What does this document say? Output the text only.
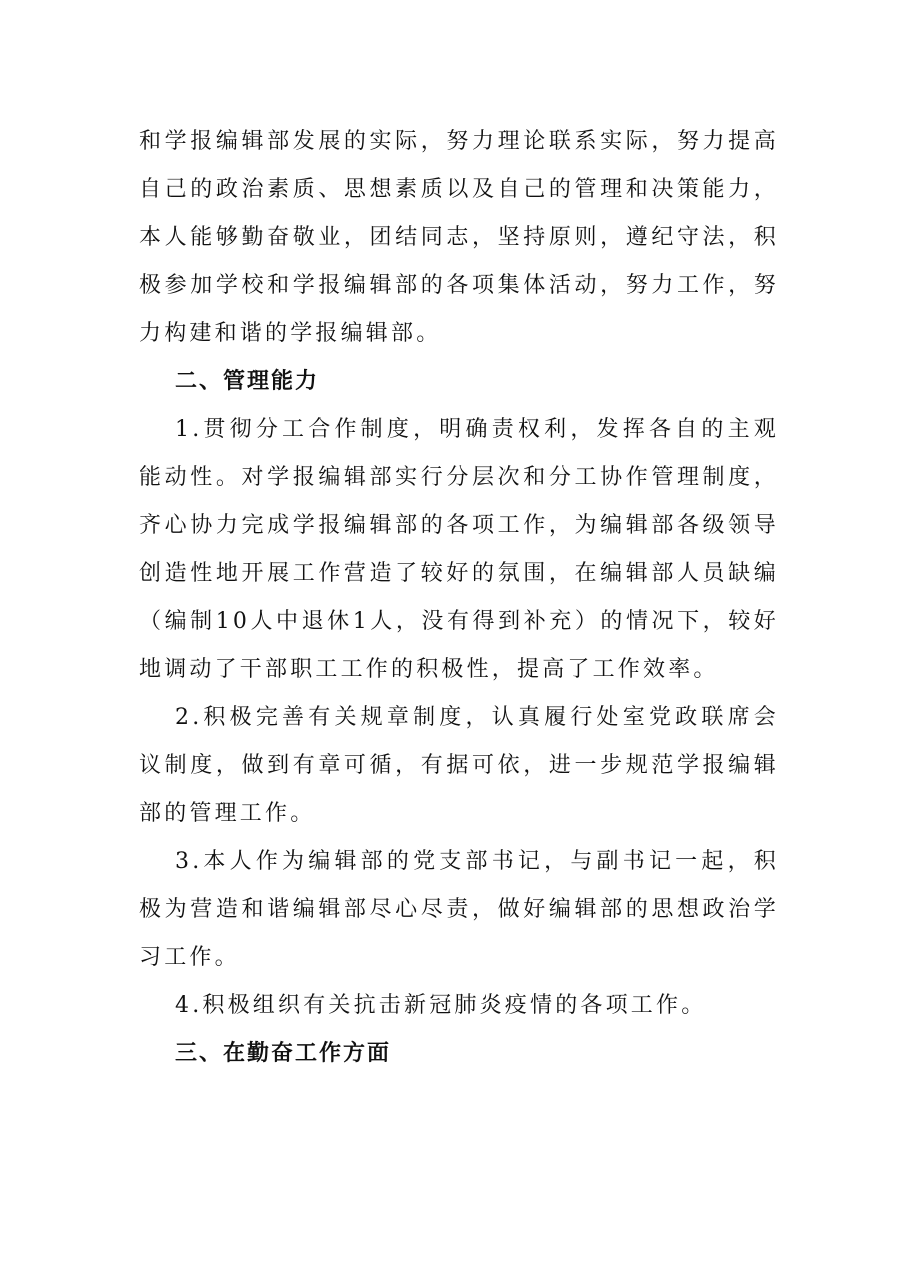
和学报编辑部发展的实际，努力理论联系实际，努力提高自己的政治素质、思想素质以及自己的管理和决策能力，本人能够勤奋敬业，团结同志，坚持原则，遵纪守法，积极参加学校和学报编辑部的各项集体活动，努力工作，努力构建和谐的学报编辑部。

二、管理能力

1.贯彻分工合作制度，明确责权利，发挥各自的主观能动性。对学报编辑部实行分层次和分工协作管理制度，齐心协力完成学报编辑部的各项工作，为编辑部各级领导创造性地开展工作营造了较好的氛围，在编辑部人员缺编（编制10人中退休1人，没有得到补充）的情况下，较好地调动了干部职工工作的积极性，提高了工作效率。

2.积极完善有关规章制度，认真履行处室党政联席会议制度，做到有章可循，有据可依，进一步规范学报编辑部的管理工作。

3.本人作为编辑部的党支部书记，与副书记一起，积极为营造和谐编辑部尽心尽责，做好编辑部的思想政治学习工作。

4.积极组织有关抗击新冠肺炎疫情的各项工作。

三、在勤奋工作方面
